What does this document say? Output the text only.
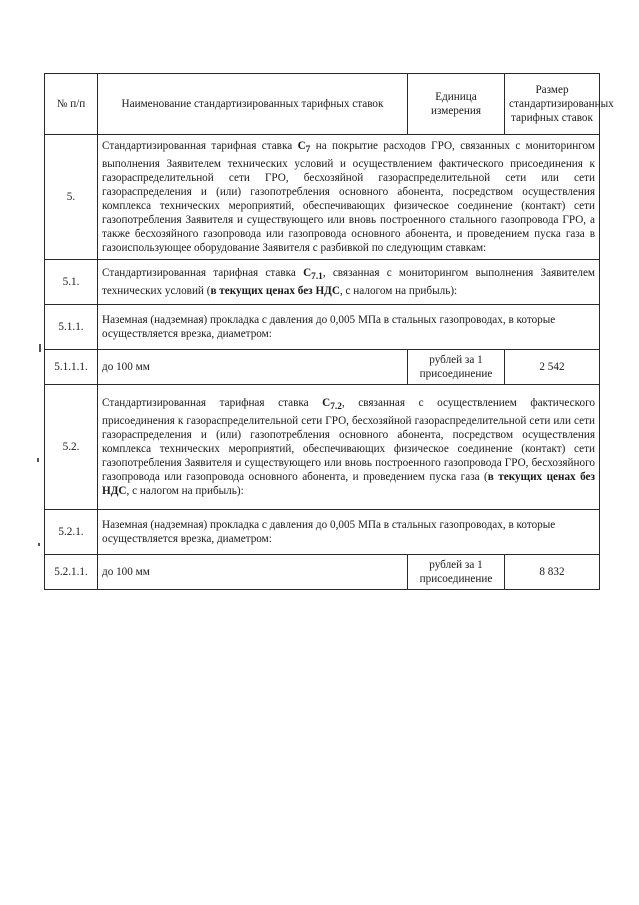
№ п/п	Наименование стандартизированных тарифных ставок	Единица измерения	Размер стандартизированных тарифных ставок
5.	Стандартизированная тарифная ставка $С_7$ на покрытие расходов ГРО, связанных с мониторингом выполнения Заявителем технических условий и осуществлением фактического присоединения к газораспределительной сети ГРО, бесхозяйной газораспределительной сети или сети газораспределения и (или) газопотребления основного абонента, посредством осуществления комплекса технических мероприятий, обеспечивающих физическое соединение (контакт) сети газопотребления Заявителя и существующего или вновь построенного стального газопровода ГРО, а также бесхозяйного газопровода или газопровода основного абонента, и проведением пуска газа в газоиспользующее оборудование Заявителя с разбивкой по следующим ставкам:		
5.1.	Стандартизированная тарифная ставка $С_{7.1}$, связанная с мониторингом выполнения Заявителем технических условий (в текущих ценах без НДС, с налогом на прибыль):		
5.1.1.	Наземная (надземная) прокладка с давления до 0,005 МПа в стальных газопроводах, в которые осуществляется врезка, диаметром:		
5.1.1.1.	до 100 мм	рублей за 1 присоединение	2 542
5.2.	Стандартизированная тарифная ставка $С_{7.2}$, связанная с осуществлением фактического присоединения к газораспределительной сети ГРО, бесхозяйной газораспределительной сети или сети газораспределения и (или) газопотребления основного абонента, посредством осуществления комплекса технических мероприятий, обеспечивающих физическое соединение (контакт) сети газопотребления Заявителя и существующего или вновь построенного газопровода ГРО, бесхозяйного газопровода или газопровода основного абонента, и проведением пуска газа (в текущих ценах без НДС, с налогом на прибыль):		
5.2.1.	Наземная (надземная) прокладка с давления до 0,005 МПа в стальных газопроводах, в которые осуществляется врезка, диаметром:		
5.2.1.1.	до 100 мм	рублей за 1 присоединение	8 832
